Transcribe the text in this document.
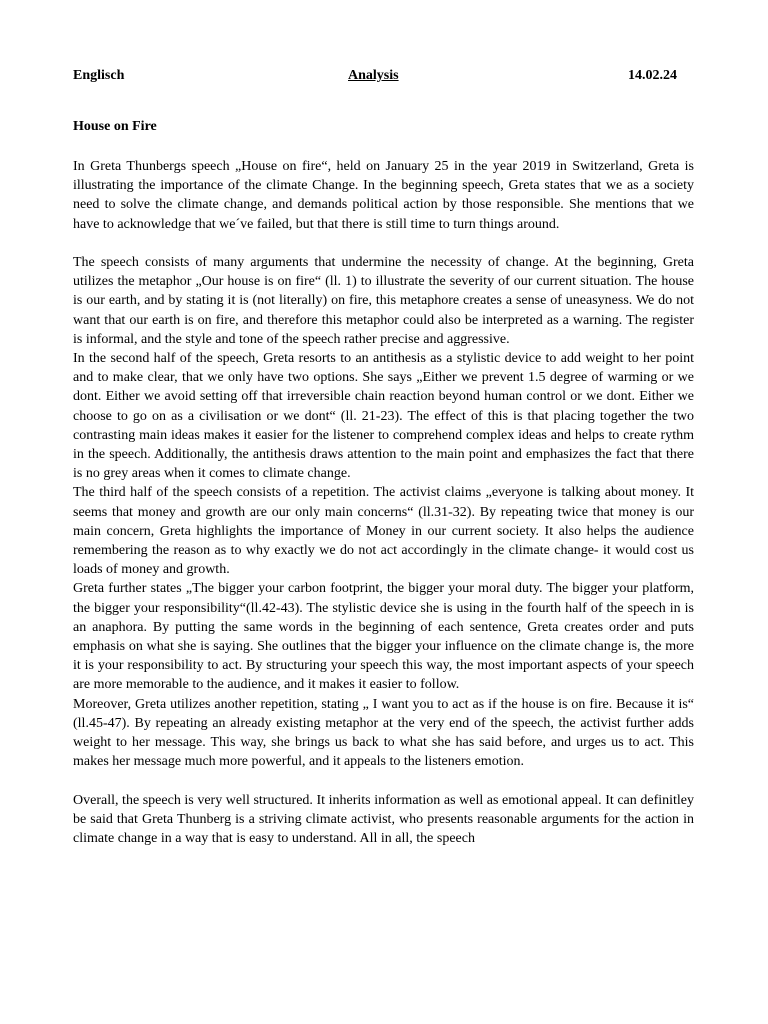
Englisch	Analysis	14.02.24
House on Fire

In Greta Thunbergs speech „House on fire“, held on January 25 in the year 2019 in Switzerland, Greta is illustrating the importance of the climate Change. In the beginning speech, Greta states that we as a society need to solve the climate change, and demands political action by those responsible. She mentions that we have to acknowledge that we´ve failed, but that there is still time to turn things around.

The speech consists of many arguments that undermine the necessity of change. At the beginning, Greta utilizes the metaphor „Our house is on fire“ (ll. 1) to illustrate the severity of our current situation. The house is our earth, and by stating it is (not literally) on fire, this metaphore creates a sense of uneasyness. We do not want that our earth is on fire, and therefore this metaphor could also be interpreted as a warning. The register is informal, and the style and tone of the speech rather precise and aggressive.

In the second half of the speech, Greta resorts to an antithesis as a stylistic device to add weight to her point and to make clear, that we only have two options. She says „Either we prevent 1.5 degree of warming or we dont. Either we avoid setting off that irreversible chain reaction beyond human control or we dont. Either we choose to go on as a civilisation or we dont“ (ll. 21-23). The effect of this is that placing together the two contrasting main ideas makes it easier for the listener to comprehend complex ideas and helps to create rythm in the speech. Additionally, the antithesis draws attention to the main point and emphasizes the fact that there is no grey areas when it comes to climate change.

The third half of the speech consists of a repetition. The activist claims „everyone is talking about money. It seems that money and growth are our only main concerns“ (ll.31-32). By repeating twice that money is our main concern, Greta highlights the importance of Money in our current society. It also helps the audience remembering the reason as to why exactly we do not act accordingly in the climate change- it would cost us loads of money and growth.

Greta further states „The bigger your carbon footprint, the bigger your moral duty. The bigger your platform, the bigger your responsibility“(ll.42-43). The stylistic device she is using in the fourth half of the speech in is an anaphora. By putting the same words in the beginning of each sentence, Greta creates order and puts emphasis on what she is saying. She outlines that the bigger your influence on the climate change is, the more it is your responsibility to act. By structuring your speech this way, the most important aspects of your speech are more memorable to the audience, and it makes it easier to follow.

Moreover, Greta utilizes another repetition, stating „ I want you to act as if the house is on fire. Because it is“ (ll.45-47). By repeating an already existing metaphor at the very end of the speech, the activist further adds weight to her message. This way, she brings us back to what she has said before, and urges us to act. This makes her message much more powerful, and it appeals to the listeners emotion.

Overall, the speech is very well structured. It inherits information as well as emotional appeal. It can definitley be said that Greta Thunberg is a striving climate activist, who presents reasonable arguments for the action in climate change in a way that is easy to understand. All in all, the speech
